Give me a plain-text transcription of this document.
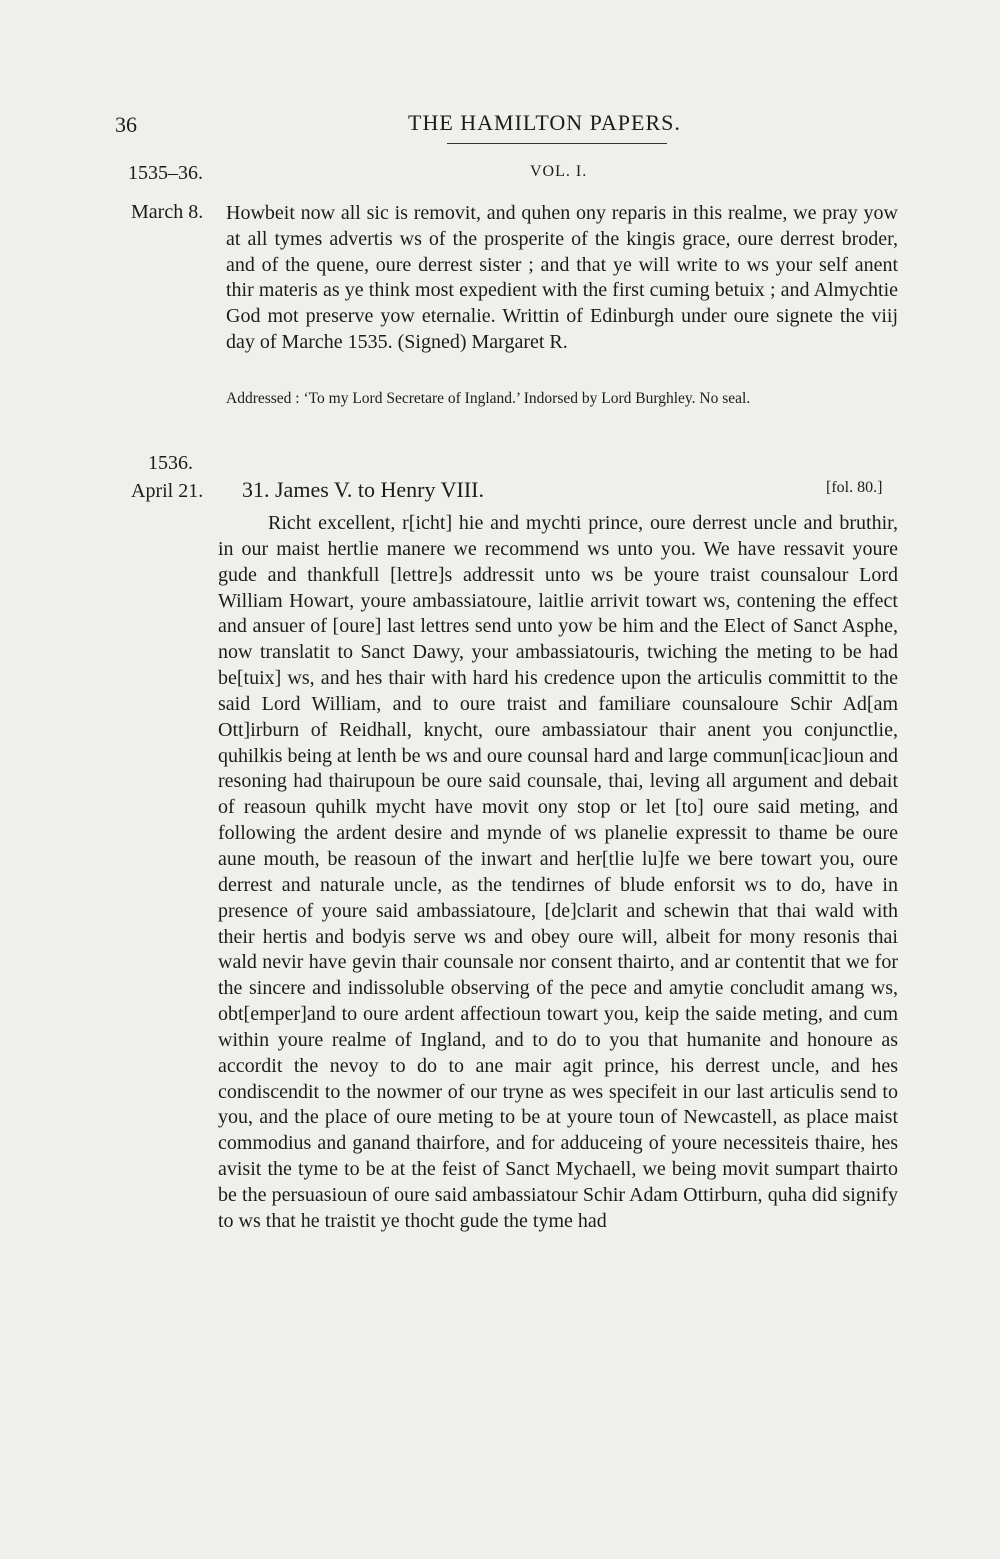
36	THE HAMILTON PAPERS.
1535–36.	VOL. I.
March 8. Howbeit now all sic is removit, and quhen ony reparis in this realme, we pray yow at all tymes advertis ws of the prosperite of the kingis grace, oure derrest broder, and of the quene, oure derrest sister ; and that ye will write to ws your self anent thir materis as ye think most expedient with the first cuming betuix ; and Almychtie God mot preserve yow eternalie. Writtin of Edinburgh under oure signete the viij day of Marche 1535. (Signed) Margaret R.
Addressed : ‘To my Lord Secretare of Ingland.’ Indorsed by Lord Burghley. No seal.
1536.
April 21. 31. James V. to Henry VIII.	[fol. 80.]
Richt excellent, r[icht] hie and mychti prince, oure derrest uncle and bruthir, in our maist hertlie manere we recommend ws unto you. We have ressavit youre gude and thankfull [lettre]s addressit unto ws be youre traist counsalour Lord William Howart, youre ambassiatoure, laitlie arrivit towart ws, contening the effect and ansuer of [oure] last lettres send unto yow be him and the Elect of Sanct Asphe, now translatit to Sanct Dawy, your ambassiatouris, twiching the meting to be had be[tuix] ws, and hes thair with hard his credence upon the articulis committit to the said Lord William, and to oure traist and familiare counsaloure Schir Ad[am Ott]irburn of Reidhall, knycht, oure ambassiatour thair anent you conjunctlie, quhilkis being at lenth be ws and oure counsal hard and large commun[icac]ioun and resoning had thairupoun be oure said counsale, thai, leving all argument and debait of reasoun quhilk mycht have movit ony stop or let [to] oure said meting, and following the ardent desire and mynde of ws planelie expressit to thame be oure aune mouth, be reasoun of the inwart and her[tlie lu]fe we bere towart you, oure derrest and naturale uncle, as the tendirnes of blude enforsit ws to do, have in presence of youre said ambassiatoure, [de]clarit and schewin that thai wald with their hertis and bodyis serve ws and obey oure will, albeit for mony resonis thai wald nevir have gevin thair counsale nor consent thairto, and ar contentit that we for the sincere and indissoluble observing of the pece and amytie concludit amang ws, obt[emper]and to oure ardent affectioun towart you, keip the saide meting, and cum within youre realme of Ingland, and to do to you that humanite and honoure as accordit the nevoy to do to ane mair agit prince, his derrest uncle, and hes condiscendit to the nowmer of our tryne as wes specifeit in our last articulis send to you, and the place of oure meting to be at youre toun of Newcastell, as place maist commodius and ganand thairfore, and for adduceing of youre necessiteis thaire, hes avisit the tyme to be at the feist of Sanct Mychaell, we being movit sumpart thairto be the persuasioun of oure said ambassiatour Schir Adam Ottirburn, quha did signify to ws that he traistit ye thocht gude the tyme had
